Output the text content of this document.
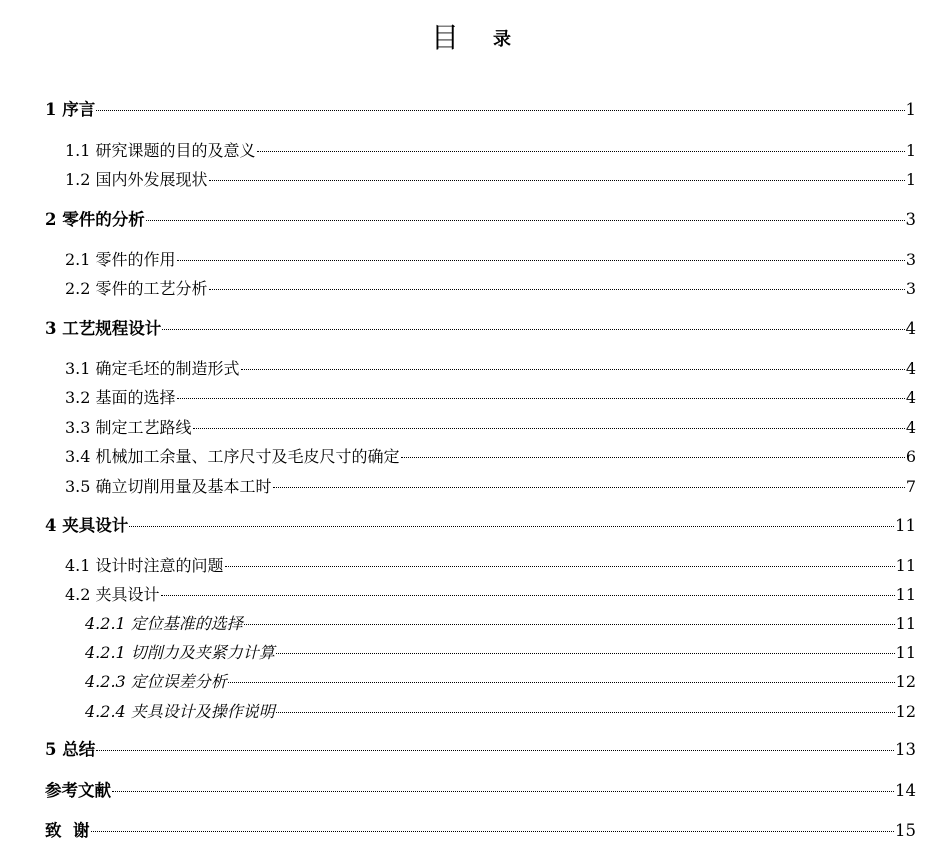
目 录
1 序言	1
1.1 研究课题的目的及意义	1
1.2 国内外发展现状	1
2 零件的分析	3
2.1 零件的作用	3
2.2 零件的工艺分析	3
3 工艺规程设计	4
3.1 确定毛坯的制造形式	4
3.2 基面的选择	4
3.3 制定工艺路线	4
3.4 机械加工余量、工序尺寸及毛皮尺寸的确定	6
3.5 确立切削用量及基本工时	7
4 夹具设计	11
4.1 设计时注意的问题	11
4.2 夹具设计	11
4.2.1 定位基准的选择	11
4.2.1 切削力及夹紧力计算	11
4.2.3 定位误差分析	12
4.2.4 夹具设计及操作说明	12
5 总结	13
参考文献	14
致  谢	15
